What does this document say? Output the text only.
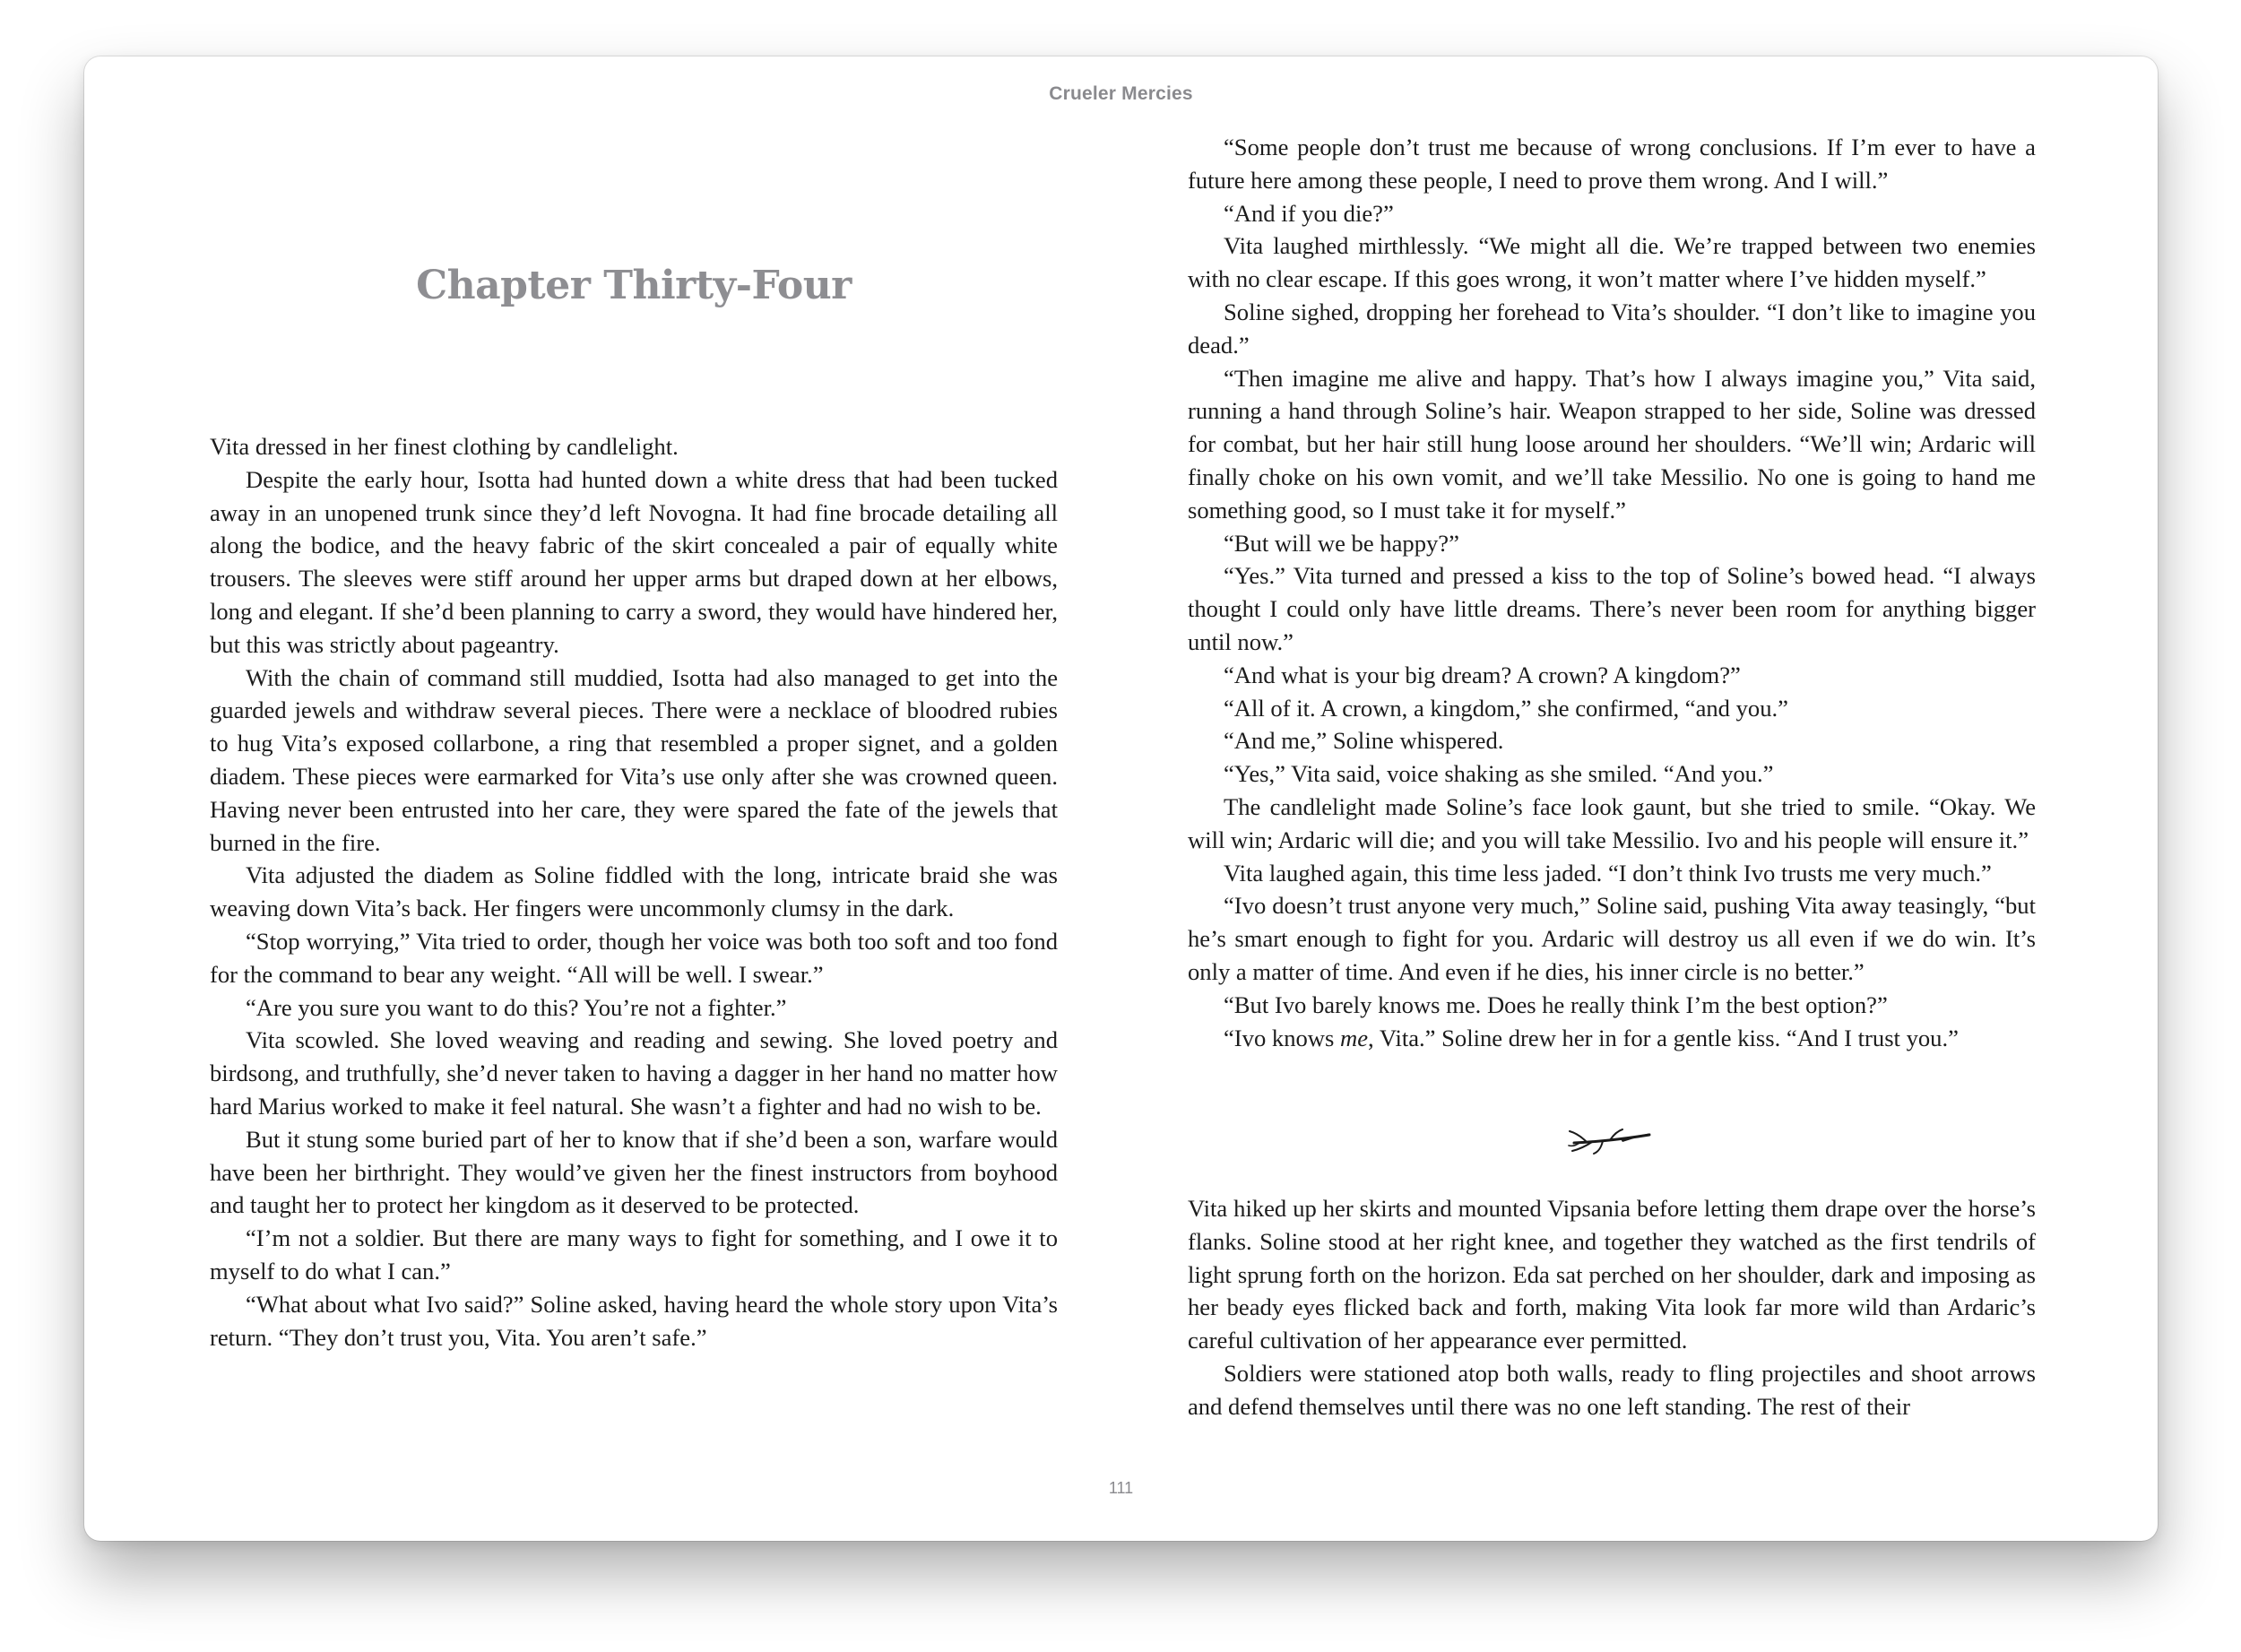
Crueler Mercies
Chapter Thirty-Four

Vita dressed in her finest clothing by candlelight.

Despite the early hour, Isotta had hunted down a white dress that had been tucked away in an unopened trunk since they’d left Novogna. It had fine brocade detailing all along the bodice, and the heavy fabric of the skirt concealed a pair of equally white trousers. The sleeves were stiff around her upper arms but draped down at her elbows, long and elegant. If she’d been planning to carry a sword, they would have hindered her, but this was strictly about pageantry.

With the chain of command still muddied, Isotta had also managed to get into the guarded jewels and withdraw several pieces. There were a necklace of bloodred rubies to hug Vita’s exposed collarbone, a ring that resembled a proper signet, and a golden diadem. These pieces were earmarked for Vita’s use only after she was crowned queen. Having never been entrusted into her care, they were spared the fate of the jewels that burned in the fire.

Vita adjusted the diadem as Soline fiddled with the long, intricate braid she was weaving down Vita’s back. Her fingers were uncommonly clumsy in the dark.

“Stop worrying,” Vita tried to order, though her voice was both too soft and too fond for the command to bear any weight. “All will be well. I swear.”

“Are you sure you want to do this? You’re not a fighter.”

Vita scowled. She loved weaving and reading and sewing. She loved poetry and birdsong, and truthfully, she’d never taken to having a dagger in her hand no matter how hard Marius worked to make it feel natural. She wasn’t a fighter and had no wish to be.

But it stung some buried part of her to know that if she’d been a son, warfare would have been her birthright. They would’ve given her the finest instructors from boyhood and taught her to protect her kingdom as it deserved to be protected.

“I’m not a soldier. But there are many ways to fight for something, and I owe it to myself to do what I can.”

“What about what Ivo said?” Soline asked, having heard the whole story upon Vita’s return. “They don’t trust you, Vita. You aren’t safe.”

“Some people don’t trust me because of wrong conclusions. If I’m ever to have a future here among these people, I need to prove them wrong. And I will.”

“And if you die?”

Vita laughed mirthlessly. “We might all die. We’re trapped between two enemies with no clear escape. If this goes wrong, it won’t matter where I’ve hidden myself.”

Soline sighed, dropping her forehead to Vita’s shoulder. “I don’t like to imagine you dead.”

“Then imagine me alive and happy. That’s how I always imagine you,” Vita said, running a hand through Soline’s hair. Weapon strapped to her side, Soline was dressed for combat, but her hair still hung loose around her shoulders. “We’ll win; Ardaric will finally choke on his own vomit, and we’ll take Messilio. No one is going to hand me something good, so I must take it for myself.”

“But will we be happy?”

“Yes.” Vita turned and pressed a kiss to the top of Soline’s bowed head. “I always thought I could only have little dreams. There’s never been room for anything bigger until now.”

“And what is your big dream? A crown? A kingdom?”

“All of it. A crown, a kingdom,” she confirmed, “and you.”

“And me,” Soline whispered.

“Yes,” Vita said, voice shaking as she smiled. “And you.”

The candlelight made Soline’s face look gaunt, but she tried to smile. “Okay. We will win; Ardaric will die; and you will take Messilio. Ivo and his people will ensure it.”

Vita laughed again, this time less jaded. “I don’t think Ivo trusts me very much.”

“Ivo doesn’t trust anyone very much,” Soline said, pushing Vita away teasingly, “but he’s smart enough to fight for you. Ardaric will destroy us all even if we do win. It’s only a matter of time. And even if he dies, his inner circle is no better.”

“But Ivo barely knows me. Does he really think I’m the best option?”

“Ivo knows me, Vita.” Soline drew her in for a gentle kiss. “And I trust you.”

Vita hiked up her skirts and mounted Vipsania before letting them drape over the horse’s flanks. Soline stood at her right knee, and together they watched as the first tendrils of light sprung forth on the horizon. Eda sat perched on her shoulder, dark and imposing as her beady eyes flicked back and forth, making Vita look far more wild than Ardaric’s careful cultivation of her appearance ever permitted.

Soldiers were stationed atop both walls, ready to fling projectiles and shoot arrows and defend themselves until there was no one left standing. The rest of their

111
